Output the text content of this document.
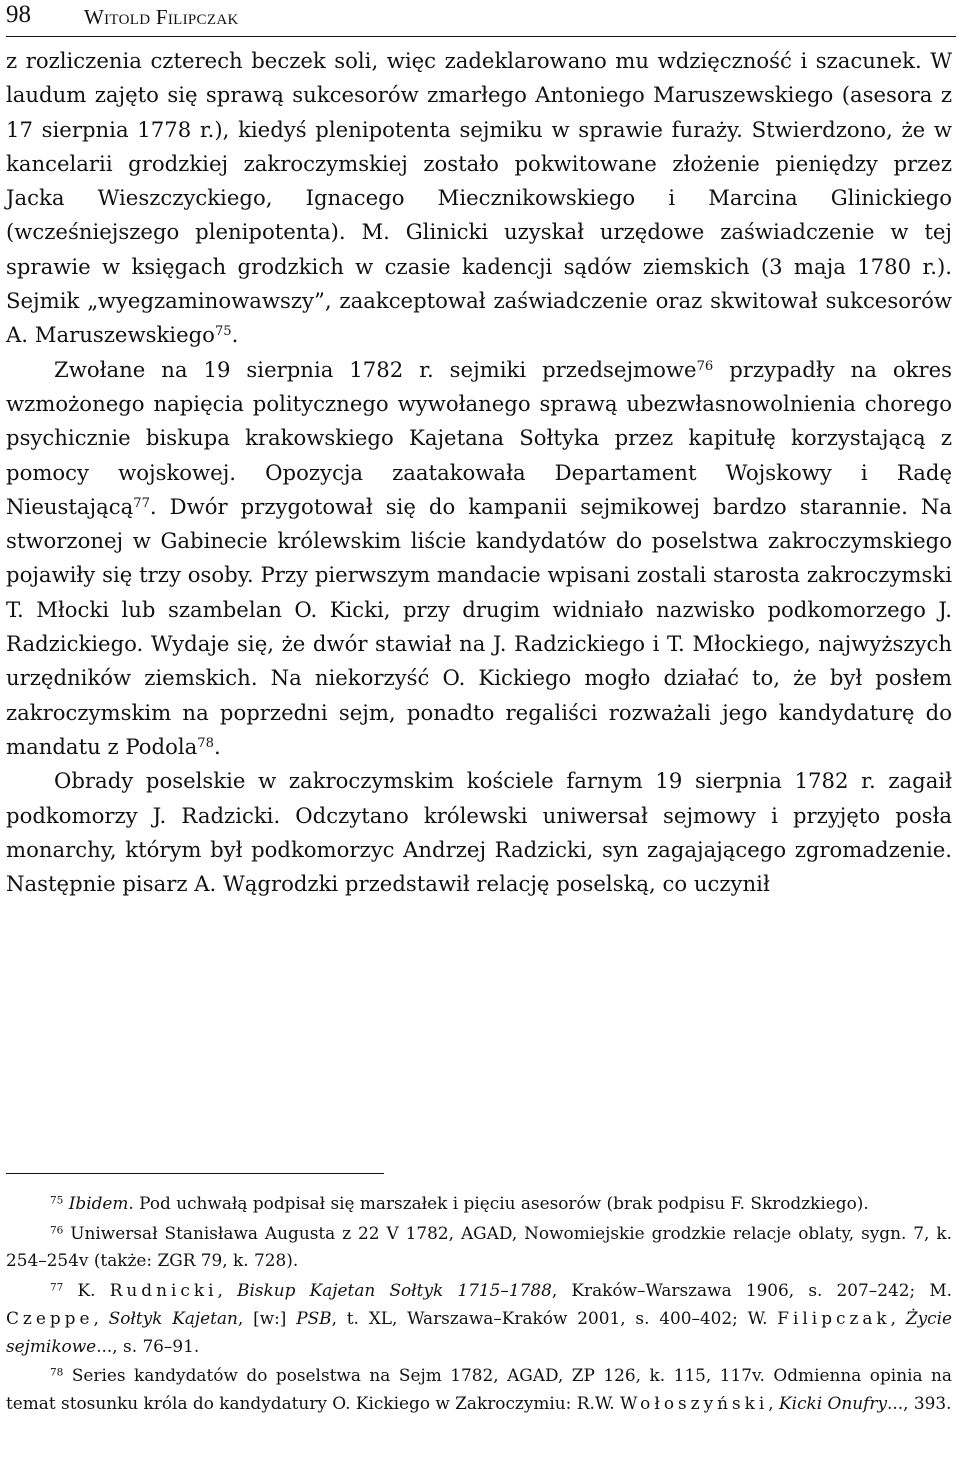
98	Witold Filipczak

z rozliczenia czterech beczek soli, więc zadeklarowano mu wdzięczność i szacunek. W laudum zajęto się sprawą sukcesorów zmarłego Antoniego Maruszewskiego (asesora z 17 sierpnia 1778 r.), kiedyś plenipotenta sejmiku w sprawie furaży. Stwierdzono, że w kancelarii grodzkiej zakroczymskiej zostało pokwitowane złożenie pieniędzy przez Jacka Wieszczyckiego, Ignacego Miecznikowskiego i Marcina Glinickiego (wcześniejszego plenipotenta). M. Glinicki uzyskał urzędowe zaświadczenie w tej sprawie w księgach grodzkich w czasie kadencji sądów ziemskich (3 maja 1780 r.). Sejmik „wyegzaminowawszy”, zaakceptował zaświadczenie oraz skwitował sukcesorów A. Maruszewskiego$^{75}$.

Zwołane na 19 sierpnia 1782 r. sejmiki przedsejmowe$^{76}$ przypadły na okres wzmożonego napięcia politycznego wywołanego sprawą ubezwłasnowolnienia chorego psychicznie biskupa krakowskiego Kajetana Sołtyka przez kapitułę korzystającą z pomocy wojskowej. Opozycja zaatakowała Departament Wojskowy i Radę Nieustającą$^{77}$. Dwór przygotował się do kampanii sejmikowej bardzo starannie. Na stworzonej w Gabinecie królewskim liście kandydatów do poselstwa zakroczymskiego pojawiły się trzy osoby. Przy pierwszym mandacie wpisani zostali starosta zakroczymski T. Młocki lub szambelan O. Kicki, przy drugim widniało nazwisko podkomorzego J. Radzickiego. Wydaje się, że dwór stawiał na J. Radzickiego i T. Młockiego, najwyższych urzędników ziemskich. Na niekorzyść O. Kickiego mogło działać to, że był posłem zakroczymskim na poprzedni sejm, ponadto regaliści rozważali jego kandydaturę do mandatu z Podola$^{78}$.

Obrady poselskie w zakroczymskim kościele farnym 19 sierpnia 1782 r. zagaił podkomorzy J. Radzicki. Odczytano królewski uniwersał sejmowy i przyjęto posła monarchy, którym był podkomorzyc Andrzej Radzicki, syn zagajającego zgromadzenie. Następnie pisarz A. Wągrodzki przedstawił relację poselską, co uczynił

$^{75}$ Ibidem. Pod uchwałą podpisał się marszałek i pięciu asesorów (brak podpisu F. Skrodzkiego).

$^{76}$ Uniwersał Stanisława Augusta z 22 V 1782, AGAD, Nowomiejskie grodzkie relacje oblaty, sygn. 7, k. 254–254v (także: ZGR 79, k. 728).

$^{77}$ K. Rudnicki, Biskup Kajetan Sołtyk 1715–1788, Kraków–Warszawa 1906, s. 207–242; M. Czeppe, Sołtyk Kajetan, [w:] PSB, t. XL, Warszawa–Kraków 2001, s. 400–402; W. Filipczak, Życie sejmikowe..., s. 76–91.

$^{78}$ Series kandydatów do poselstwa na Sejm 1782, AGAD, ZP 126, k. 115, 117v. Odmienna opinia na temat stosunku króla do kandydatury O. Kickiego w Zakroczymiu: R.W. Wołoszyński, Kicki Onufry..., 393.
